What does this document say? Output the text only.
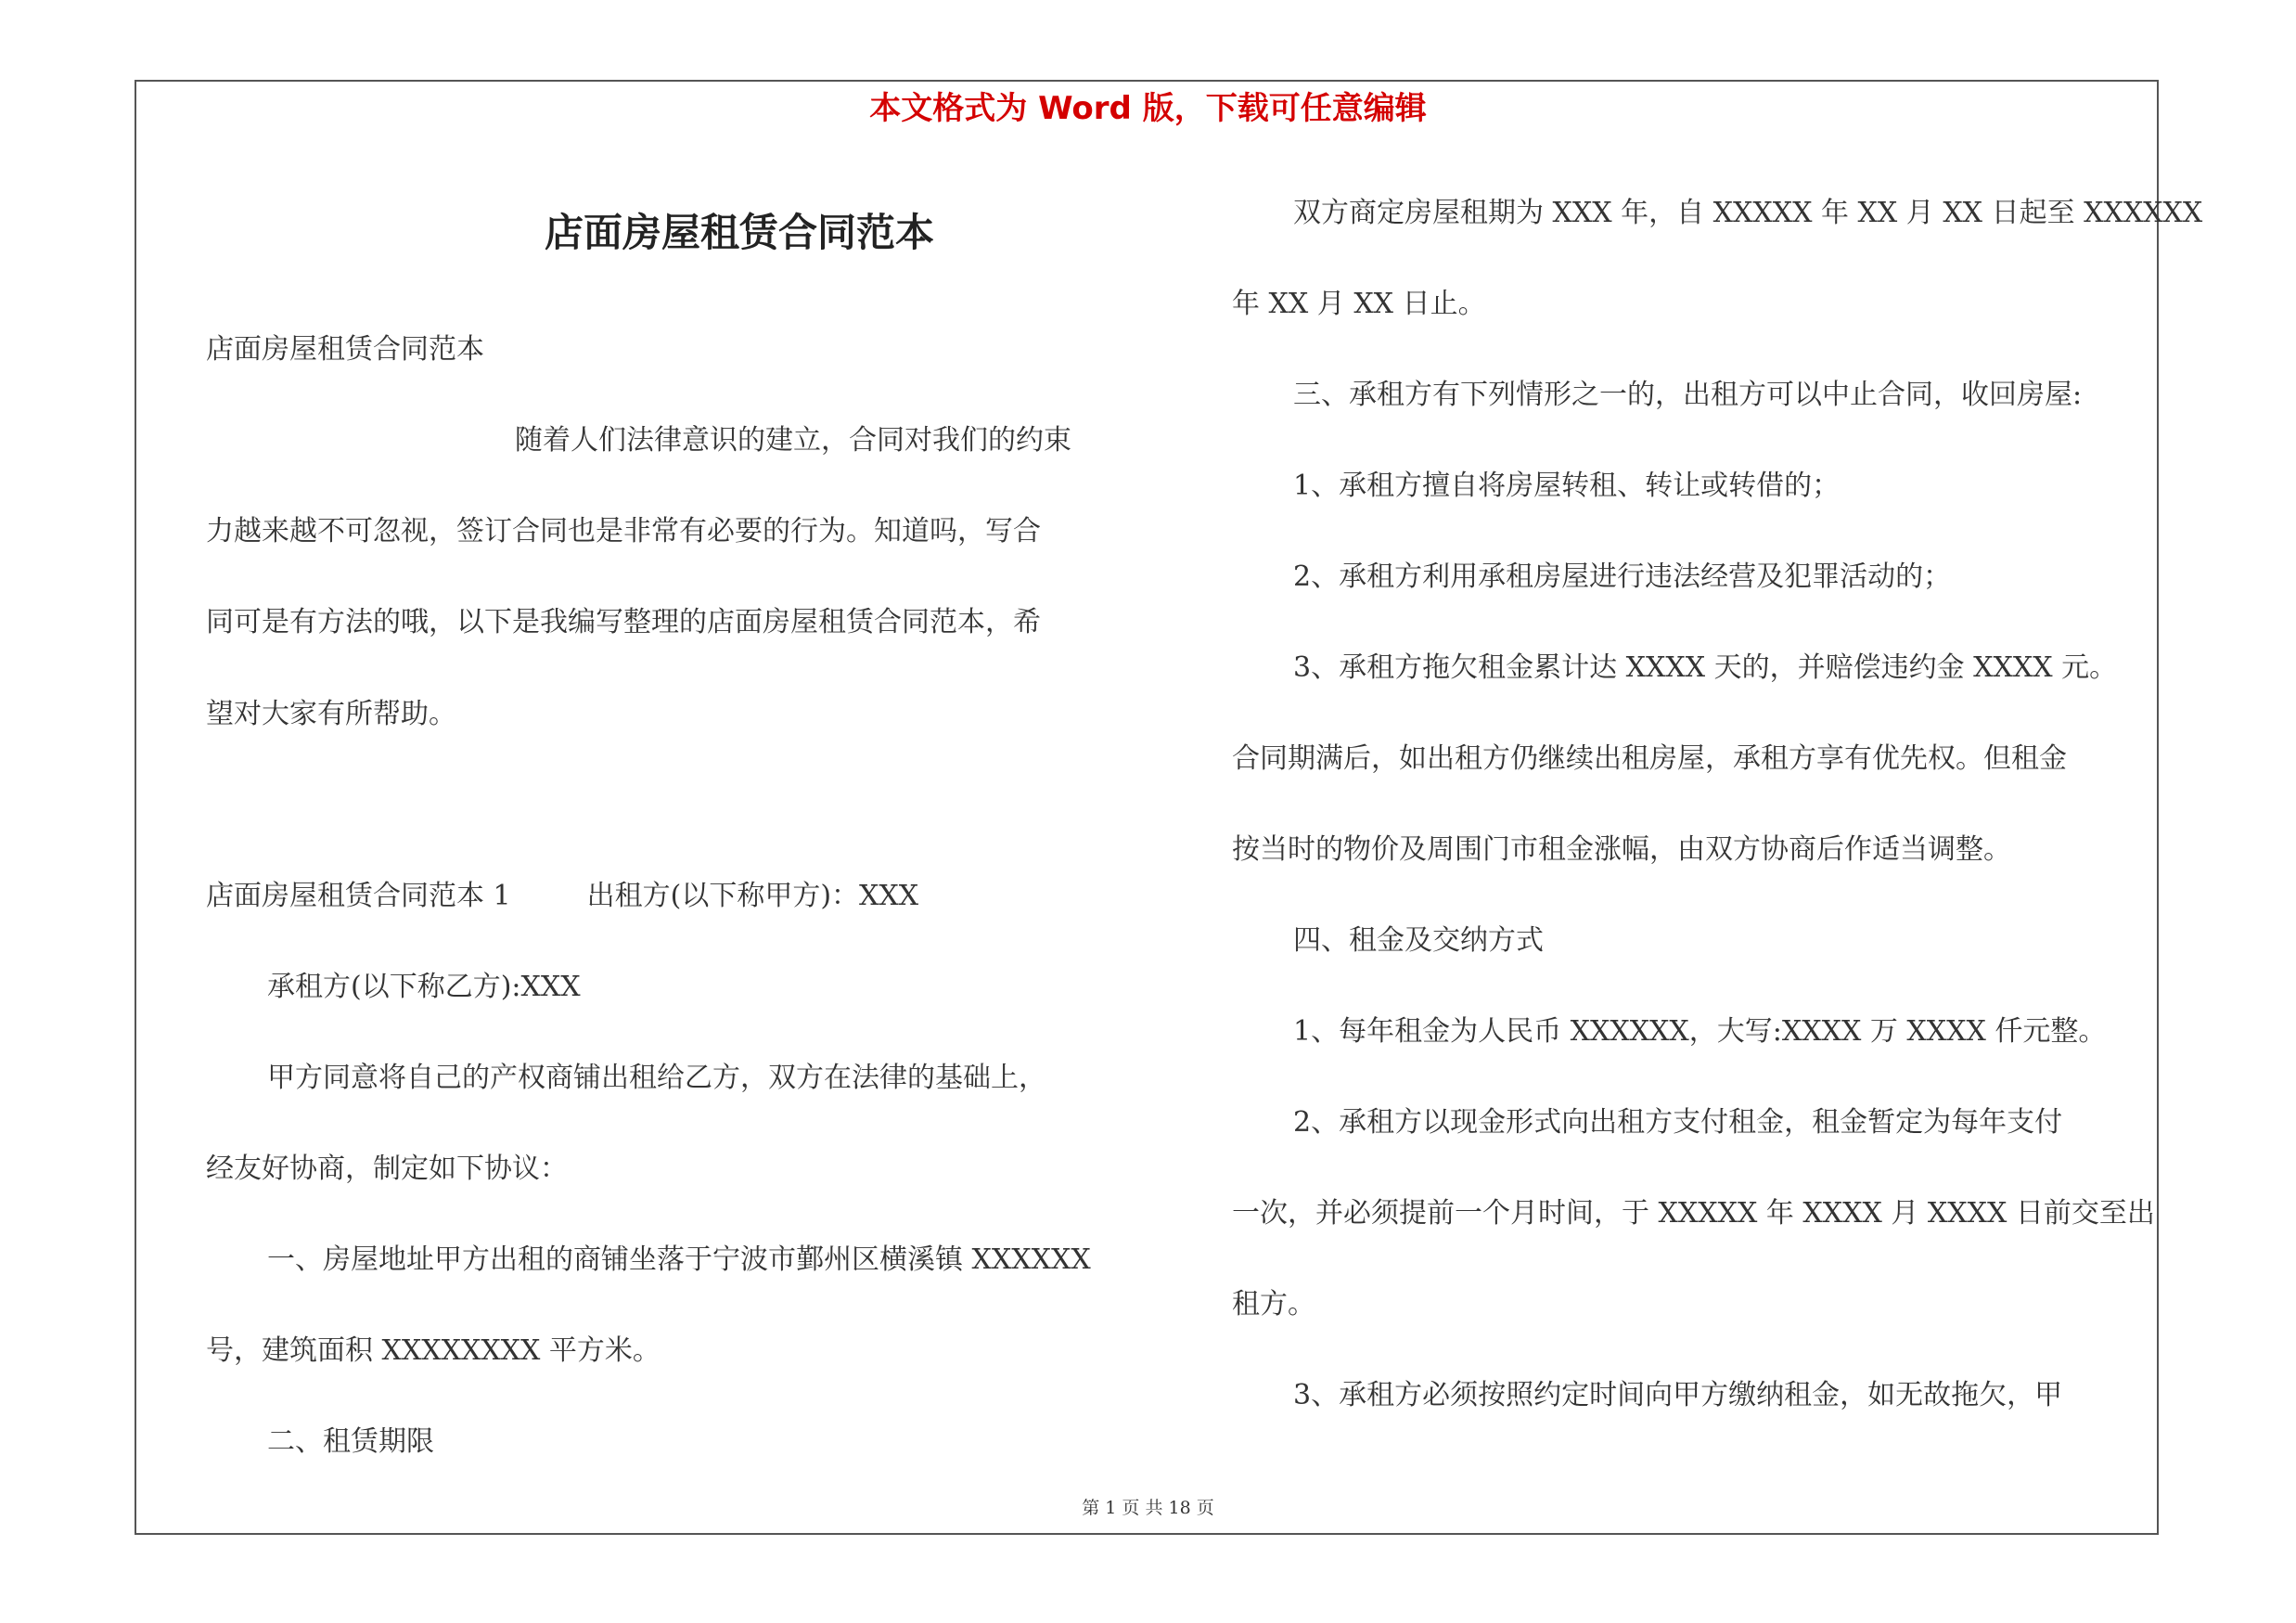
本文格式为 Word 版，下载可任意编辑
店面房屋租赁合同范本
店面房屋租赁合同范本
随着人们法律意识的建立，合同对我们的约束
力越来越不可忽视，签订合同也是非常有必要的行为。知道吗，写合
同可是有方法的哦，以下是我编写整理的店面房屋租赁合同范本，希
望对大家有所帮助。
店面房屋租赁合同范本 1	出租方(以下称甲方)：XXX
承租方(以下称乙方):XXX
甲方同意将自己的产权商铺出租给乙方，双方在法律的基础上，
经友好协商，制定如下协议：
一、房屋地址甲方出租的商铺坐落于宁波市鄞州区横溪镇 XXXXXX
号，建筑面积 XXXXXXXX 平方米。
二、租赁期限
双方商定房屋租期为 XXX 年，自 XXXXX 年 XX 月 XX 日起至 XXXXXX
年 XX 月 XX 日止。
三、承租方有下列情形之一的，出租方可以中止合同，收回房屋:
1、承租方擅自将房屋转租、转让或转借的；
2、承租方利用承租房屋进行违法经营及犯罪活动的；
3、承租方拖欠租金累计达 XXXX 天的，并赔偿违约金 XXXX 元。
合同期满后，如出租方仍继续出租房屋，承租方享有优先权。但租金
按当时的物价及周围门市租金涨幅，由双方协商后作适当调整。
四、租金及交纳方式
1、每年租金为人民币 XXXXXX，大写:XXXX 万 XXXX 仟元整。
2、承租方以现金形式向出租方支付租金，租金暂定为每年支付
一次，并必须提前一个月时间，于 XXXXX 年 XXXX 月 XXXX 日前交至出
租方。
3、承租方必须按照约定时间向甲方缴纳租金，如无故拖欠，甲
第 1 页 共 18 页
